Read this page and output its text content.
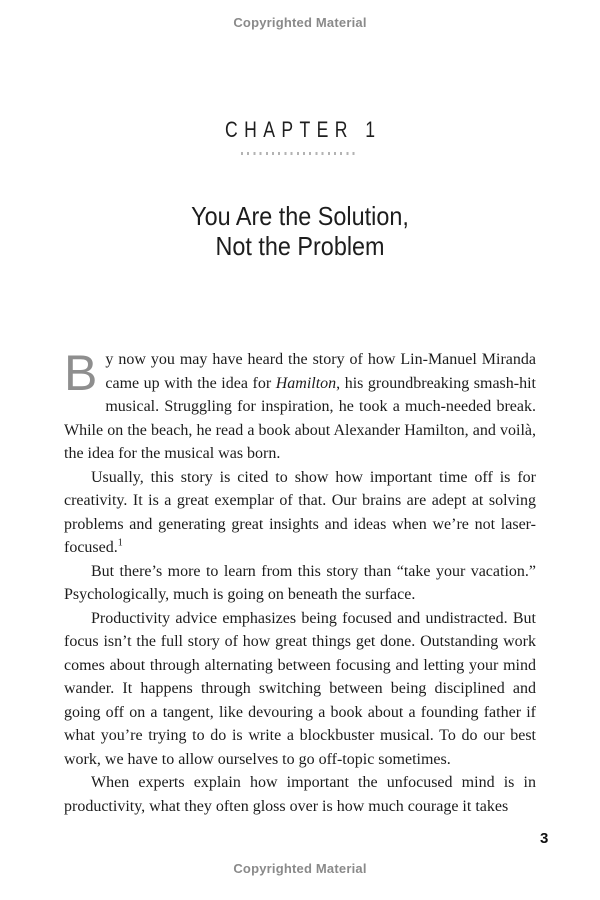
Copyrighted Material
CHAPTER 1
You Are the Solution,
Not the Problem

By now you may have heard the story of how Lin-Manuel Miranda came up with the idea for Hamilton, his groundbreaking smash-hit musical. Struggling for inspiration, he took a much-needed break. While on the beach, he read a book about Alexander Hamilton, and voilà, the idea for the musical was born.

Usually, this story is cited to show how important time off is for creativity. It is a great exemplar of that. Our brains are adept at solving problems and generating great insights and ideas when we’re not laser-focused.$^1$

But there’s more to learn from this story than “take your vacation.” Psychologically, much is going on beneath the surface.

Productivity advice emphasizes being focused and undistracted. But focus isn’t the full story of how great things get done. Outstanding work comes about through alternating between focusing and letting your mind wander. It happens through switching between being disciplined and going off on a tangent, like devouring a book about a founding father if what you’re trying to do is write a blockbuster musical. To do our best work, we have to allow ourselves to go off-topic sometimes.

When experts explain how important the unfocused mind is in productivity, what they often gloss over is how much courage it takes

3
Copyrighted Material
